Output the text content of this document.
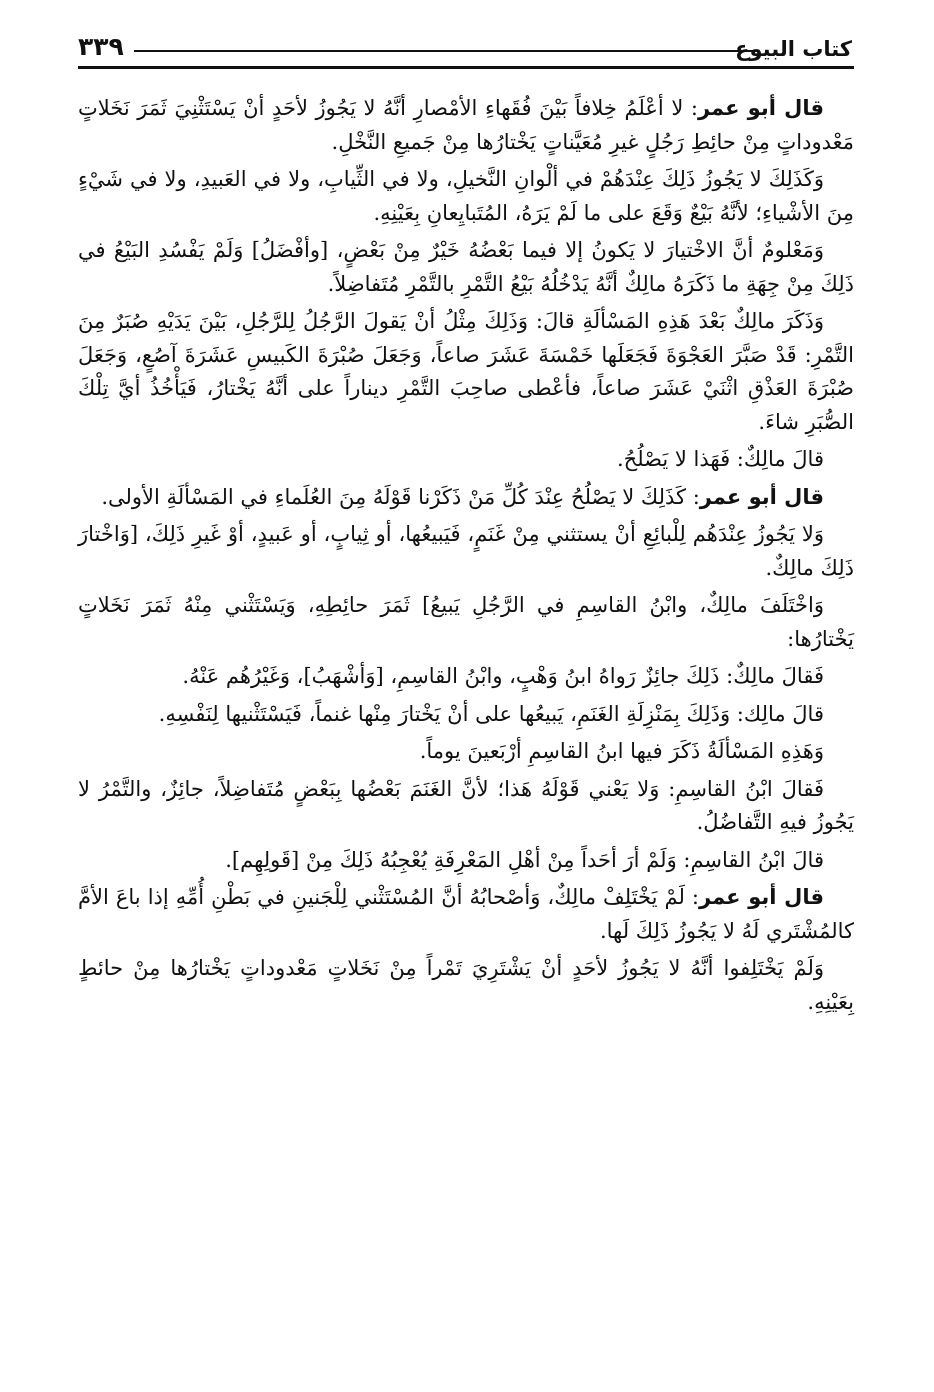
كتاب البيوع
٣٣٩

قال أبو عمر: لا أعْلَمُ خِلافاً بَيْنَ فُقَهاءِ الأمْصارِ أنَّهُ لا يَجُوزُ لأحَدٍ أنْ يَسْتَثْنِيَ ثَمَرَ نَخَلاتٍ مَعْدوداتٍ مِنْ حائِطِ رَجُلٍ غيرِ مُعَيَّناتٍ يَخْتارُها مِنْ جَميعِ النَّخْلِ.

وَكَذَلِكَ لا يَجُوزُ ذَلِكَ عِنْدَهُمْ في ألْوانِ النَّخيلِ، ولا في الثِّيابِ، ولا في العَبيدِ، ولا في شَيْءٍ مِنَ الأشْياءِ؛ لأنَّهُ بَيْعٌ وَقَعَ على ما لَمْ يَرَهُ، المُتَبايِعانِ بِعَيْنِهِ.

وَمَعْلومٌ أنَّ الاخْتيارَ لا يَكونُ إلا فيما بَعْضُهُ خَيْرٌ مِنْ بَعْضٍ، [وأفْضَلُ] وَلَمْ يَفْسُدِ البَيْعُ في ذَلِكَ مِنْ جِهَةِ ما ذَكَرَهُ مالِكٌ أنَّهُ يَدْخُلُهُ بَيْعُ التَّمْرِ بالتَّمْرِ مُتَفاضِلاً.

وَذَكَرَ مالِكٌ بَعْدَ هَذِهِ المَسْألَةِ قالَ: وَذَلِكَ مِثْلُ أنْ يَقولَ الرَّجُلُ لِلرَّجُلِ، بَيْنَ يَدَيْهِ صُبَرٌ مِنَ التَّمْرِ: قَدْ صَبَّرَ العَجْوَةَ فَجَعَلَها خَمْسَةَ عَشَرَ صاعاً، وَجَعَلَ صُبْرَةَ الكَبيسِ عَشَرَةَ آصُعٍ، وَجَعَلَ صُبْرَةَ العَذْقِ اثْنَيْ عَشَرَ صاعاً، فأعْطى صاحِبَ التَّمْرِ ديناراً على أنَّهُ يَخْتارُ، فَيَأْخُذُ أيَّ تِلْكَ الصُّبَرِ شاءَ.

قالَ مالِكٌ: فَهَذا لا يَصْلُحُ.

قال أبو عمر: كَذَلِكَ لا يَصْلُحُ عِنْدَ كُلِّ مَنْ ذَكَرْنا قَوْلَهُ مِنَ العُلَماءِ في المَسْألَةِ الأولى.

وَلا يَجُوزُ عِنْدَهُم لِلْبائِعِ أنْ يستثني مِنْ غَنَمٍ، فَيَبيعُها، أو ثِيابٍ، أو عَبيدٍ، أوْ غَيرِ ذَلِكَ، [وَاخْتارَ ذَلِكَ مالِكٌ.

وَاخْتَلَفَ مالِكٌ، وابْنُ القاسِمِ في الرَّجُلِ يَبيعُ] ثَمَرَ حائِطِهِ، وَيَسْتَثْني مِنْهُ ثَمَرَ نَخَلاتٍ يَخْتارُها:

فَقالَ مالِكٌ: ذَلِكَ جائِزٌ رَواهُ ابنُ وَهْبٍ، وابْنُ القاسِمِ، [وَأشْهَبُ]، وَغَيْرُهُم عَنْهُ.

قالَ مالِك: وَذَلِكَ بِمَنْزِلَةِ الغَنَمِ، يَبيعُها على أنْ يَخْتارَ مِنْها غنماً، فَيَسْتَثْنيها لِنَفْسِهِ.

وَهَذِهِ المَسْألَةُ ذَكَرَ فيها ابنُ القاسِمِ أرْبَعينَ يوماً.

فَقالَ ابْنُ القاسِمِ: وَلا يَعْني قَوْلَهُ هَذا؛ لأنَّ الغَنَمَ بَعْضُها بِبَعْضٍ مُتَفاضِلاً، جائِزٌ، والتَّمْرُ لا يَجُوزُ فيهِ التَّفاضُلُ.

قالَ ابْنُ القاسِمِ: وَلَمْ أرَ أحَداً مِنْ أهْلِ المَعْرِفَةِ يُعْجِبُهُ ذَلِكَ مِنْ [قَولِهِم].

قال أبو عمر: لَمْ يَخْتَلِفْ مالِكٌ، وَأصْحابُهُ أنَّ المُسْتَثْني لِلْجَنينِ في بَطْنِ أُمِّهِ إذا باعَ الأمَّ كالمُشْتَري لَهُ لا يَجُوزُ ذَلِكَ لَها.

وَلَمْ يَخْتَلِفوا أنَّهُ لا يَجُوزُ لأحَدٍ أنْ يَشْتَرِيَ تَمْراً مِنْ نَخَلاتٍ مَعْدوداتٍ يَخْتارُها مِنْ حائطٍ بِعَيْنِهِ.
